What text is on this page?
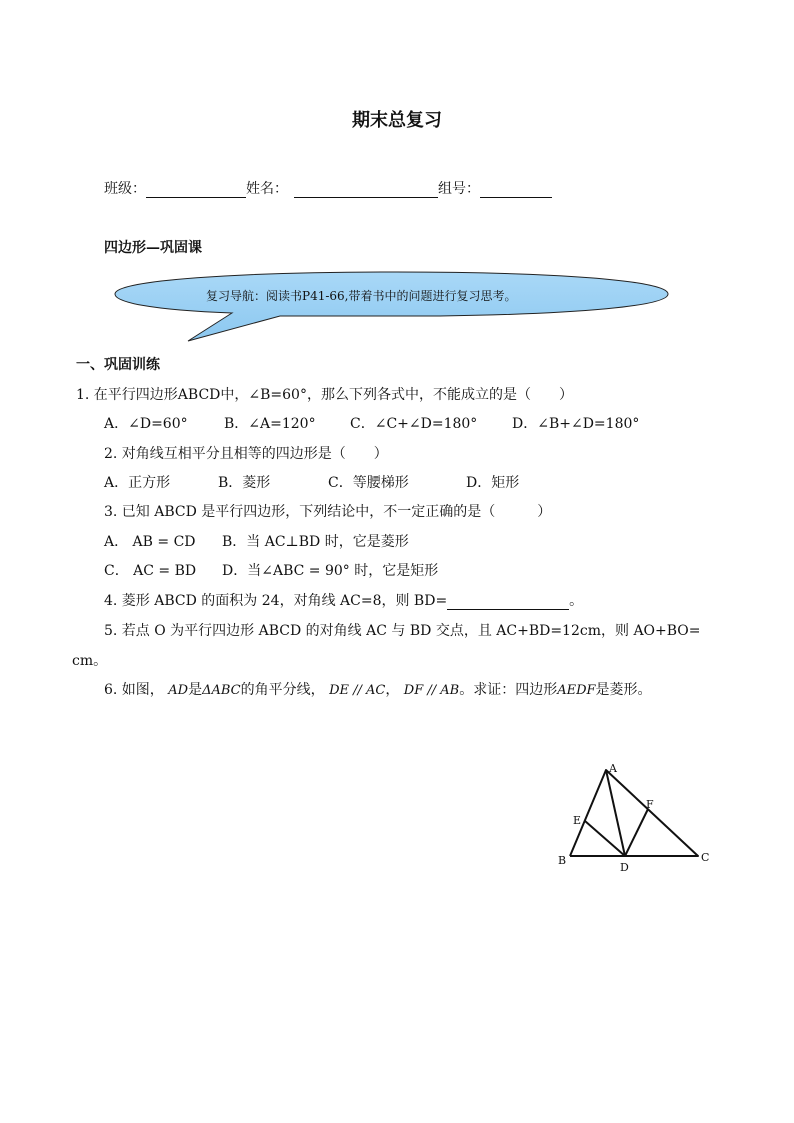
期末总复习
班级：	姓名：	组号：
四边形—巩固课
复习导航：阅读书P41-66,带着书中的问题进行复习思考。
一、巩固训练
1. 在平行四边形ABCD中，∠B=60°，那么下列各式中，不能成立的是（　　）
A．∠D=60°	B．∠A=120° C．∠C+∠D=180° D．∠B+∠D=180°
2. 对角线互相平分且相等的四边形是（　　）
A．正方形	B．菱形	C．等腰梯形	D．矩形
3. 已知 ABCD 是平行四边形，下列结论中，不一定正确的是（　　　）
A． AB = CD B．当 AC⊥BD 时，它是菱形
C． AC = BD D．当∠ABC = 90° 时，它是矩形
4. 菱形 ABCD 的面积为 24，对角线 AC=8，则 BD=	。
5. 若点 O 为平行四边形 ABCD 的对角线 AC 与 BD 交点，且 AC+BD=12cm，则 AO+BO=
cm。
6. 如图， AD是ΔABC的角平分线， DE // AC， DF // AB。求证：四边形AEDF是菱形。
A
B	C
D
E
F
